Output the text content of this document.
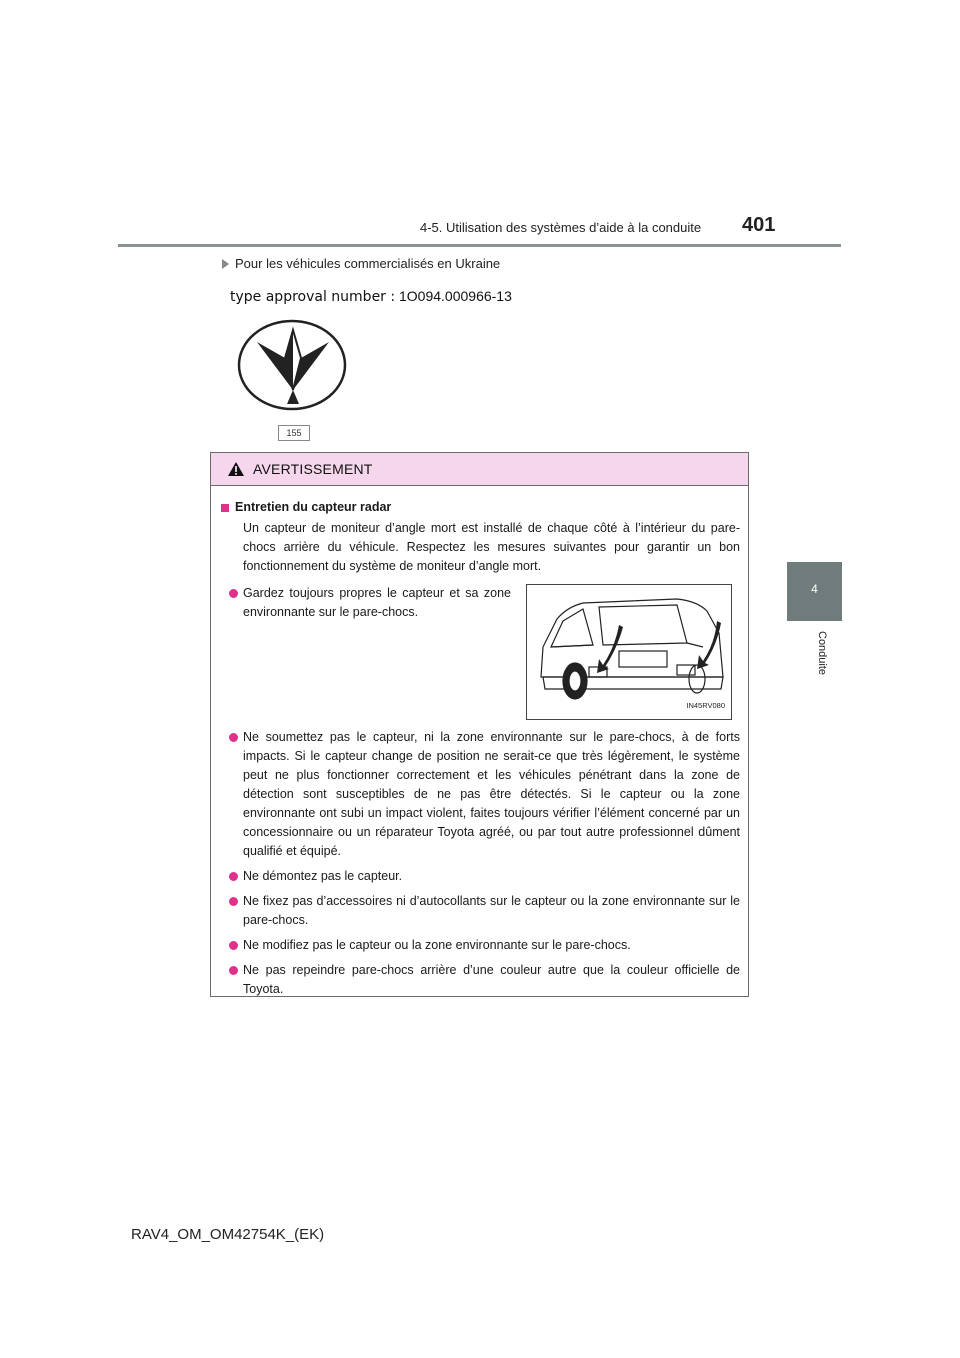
4-5. Utilisation des systèmes d’aide à la conduite 401
4
Conduite
Pour les véhicules commercialisés en Ukraine
type approval number : 1O094.000966-13
155
AVERTISSEMENT
Entretien du capteur radar

Un capteur de moniteur d’angle mort est installé de chaque côté à l’intérieur du pare-chocs arrière du véhicule. Respectez les mesures suivantes pour garantir un bon fonctionnement du système de moniteur d’angle mort.

Gardez toujours propres le capteur et sa zone environnante sur le pare-chocs.
IN45RV080
Ne soumettez pas le capteur, ni la zone environnante sur le pare-chocs, à de forts impacts. Si le capteur change de position ne serait-ce que très légèrement, le système peut ne plus fonctionner correctement et les véhicules pénétrant dans la zone de détection sont susceptibles de ne pas être détectés. Si le capteur ou la zone environnante ont subi un impact violent, faites toujours vérifier l’élément concerné par un concessionnaire ou un réparateur Toyota agréé, ou par tout autre professionnel dûment qualifié et équipé.
Ne démontez pas le capteur.
Ne fixez pas d’accessoires ni d’autocollants sur le capteur ou la zone environnante sur le pare-chocs.
Ne modifiez pas le capteur ou la zone environnante sur le pare-chocs.
Ne pas repeindre pare-chocs arrière d’une couleur autre que la couleur officielle de Toyota.
RAV4_OM_OM42754K_(EK)
